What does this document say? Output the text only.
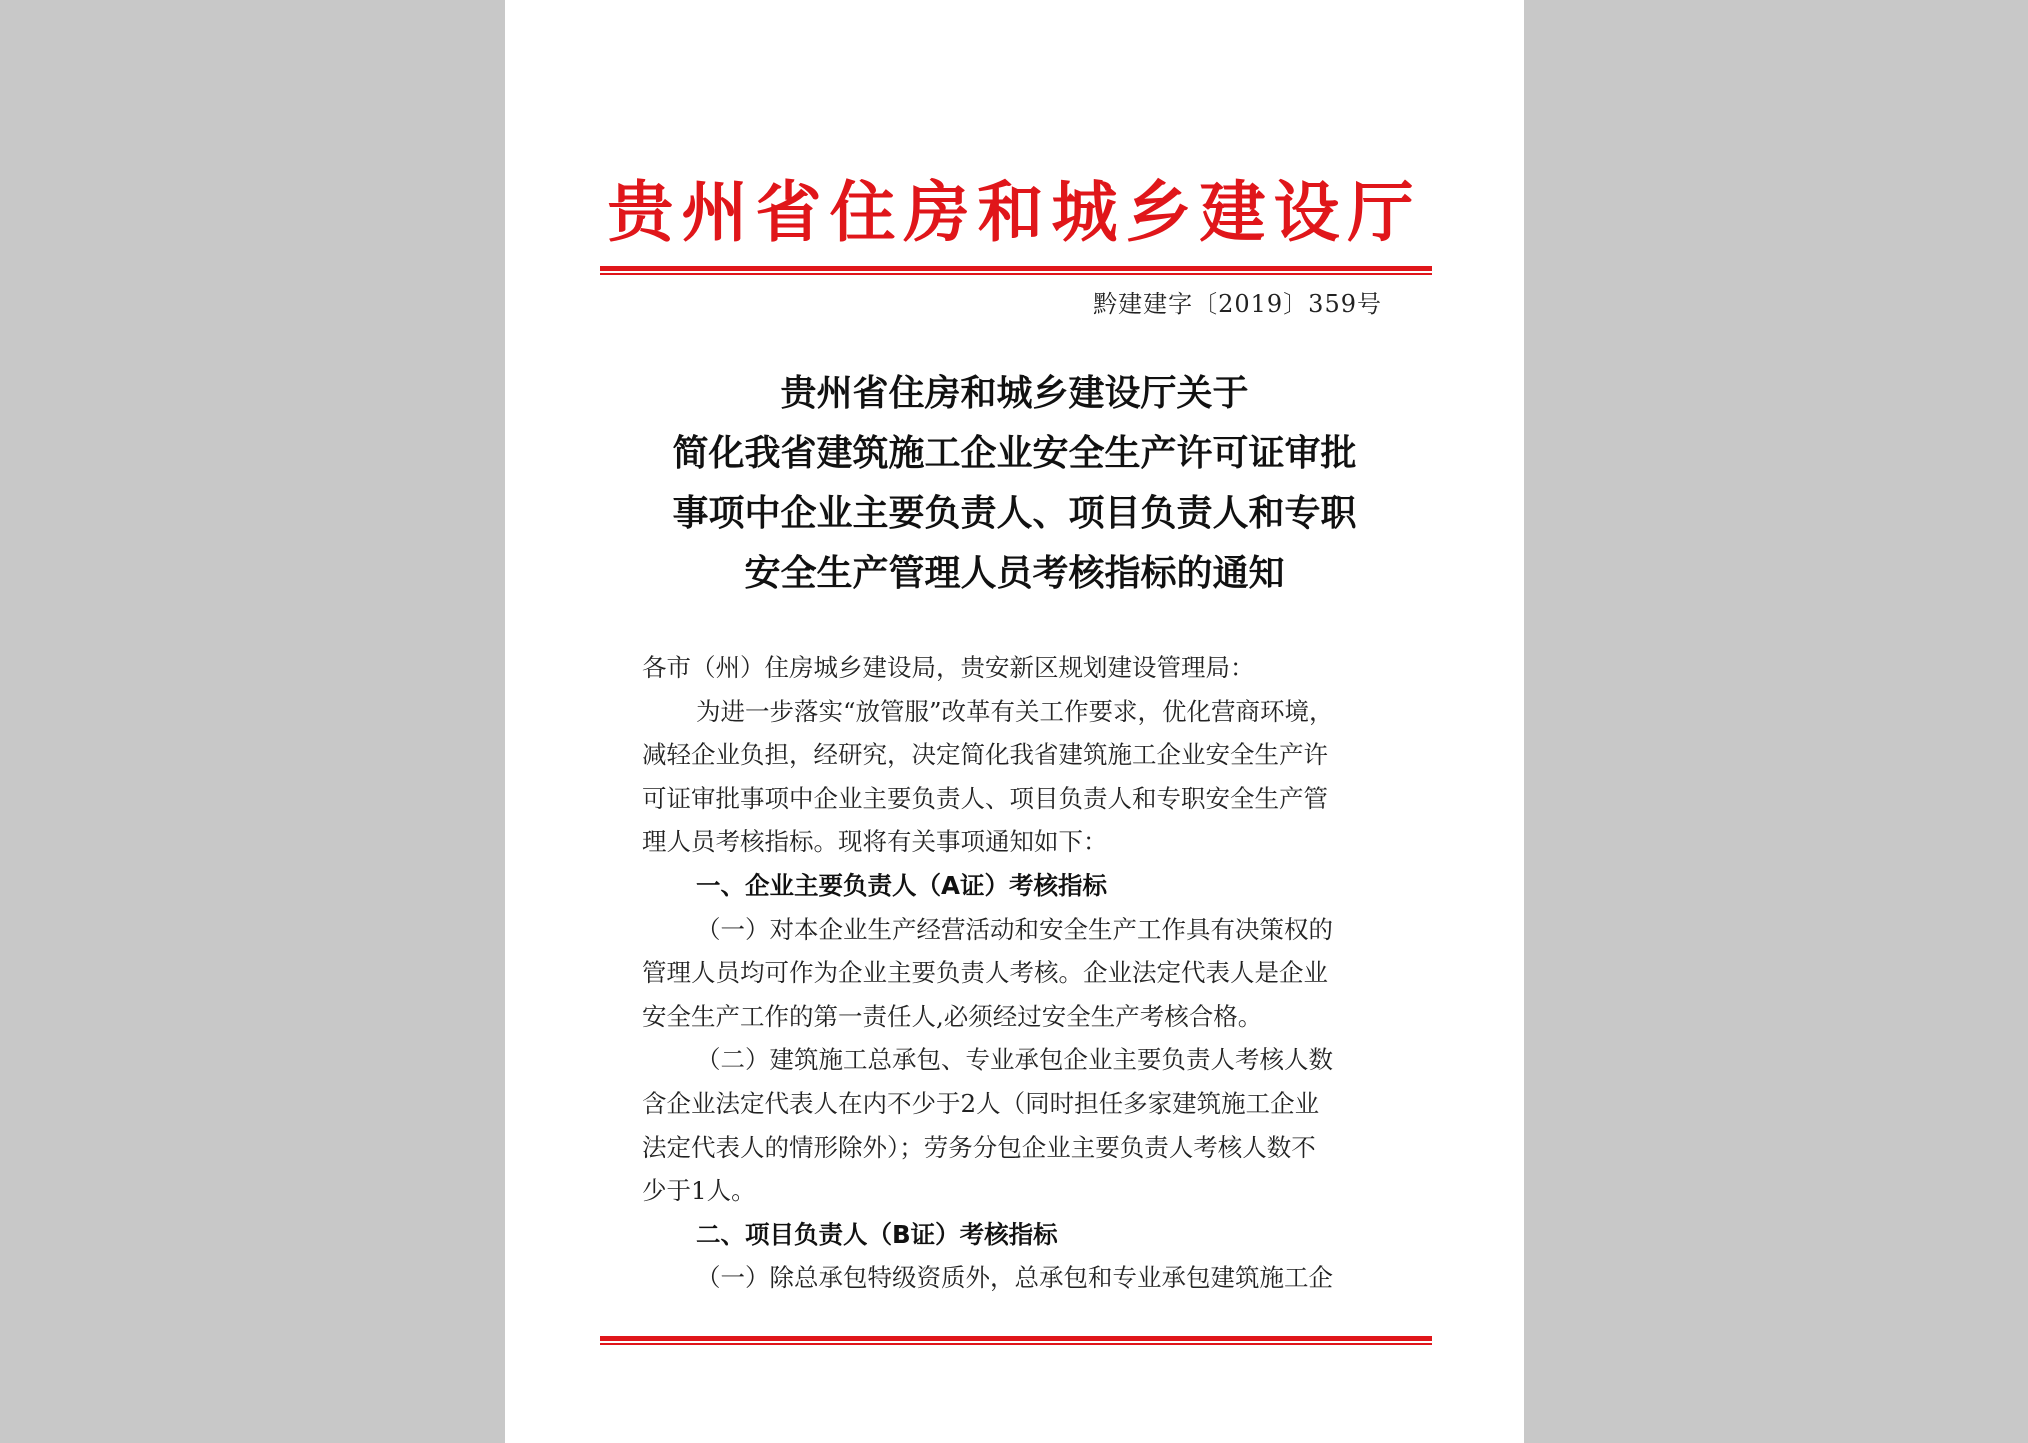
贵州省住房和城乡建设厅
黔建建字〔2019〕359号
贵州省住房和城乡建设厅关于
简化我省建筑施工企业安全生产许可证审批
事项中企业主要负责人、项目负责人和专职
安全生产管理人员考核指标的通知
各市（州）住房城乡建设局，贵安新区规划建设管理局：
为进一步落实“放管服”改革有关工作要求，优化营商环境，
减轻企业负担，经研究，决定简化我省建筑施工企业安全生产许
可证审批事项中企业主要负责人、项目负责人和专职安全生产管
理人员考核指标。现将有关事项通知如下：
一、企业主要负责人（A证）考核指标
（一）对本企业生产经营活动和安全生产工作具有决策权的
管理人员均可作为企业主要负责人考核。企业法定代表人是企业
安全生产工作的第一责任人,必须经过安全生产考核合格。
（二）建筑施工总承包、专业承包企业主要负责人考核人数
含企业法定代表人在内不少于2人（同时担任多家建筑施工企业
法定代表人的情形除外）；劳务分包企业主要负责人考核人数不
少于1人。
二、项目负责人（B证）考核指标
（一）除总承包特级资质外，总承包和专业承包建筑施工企
